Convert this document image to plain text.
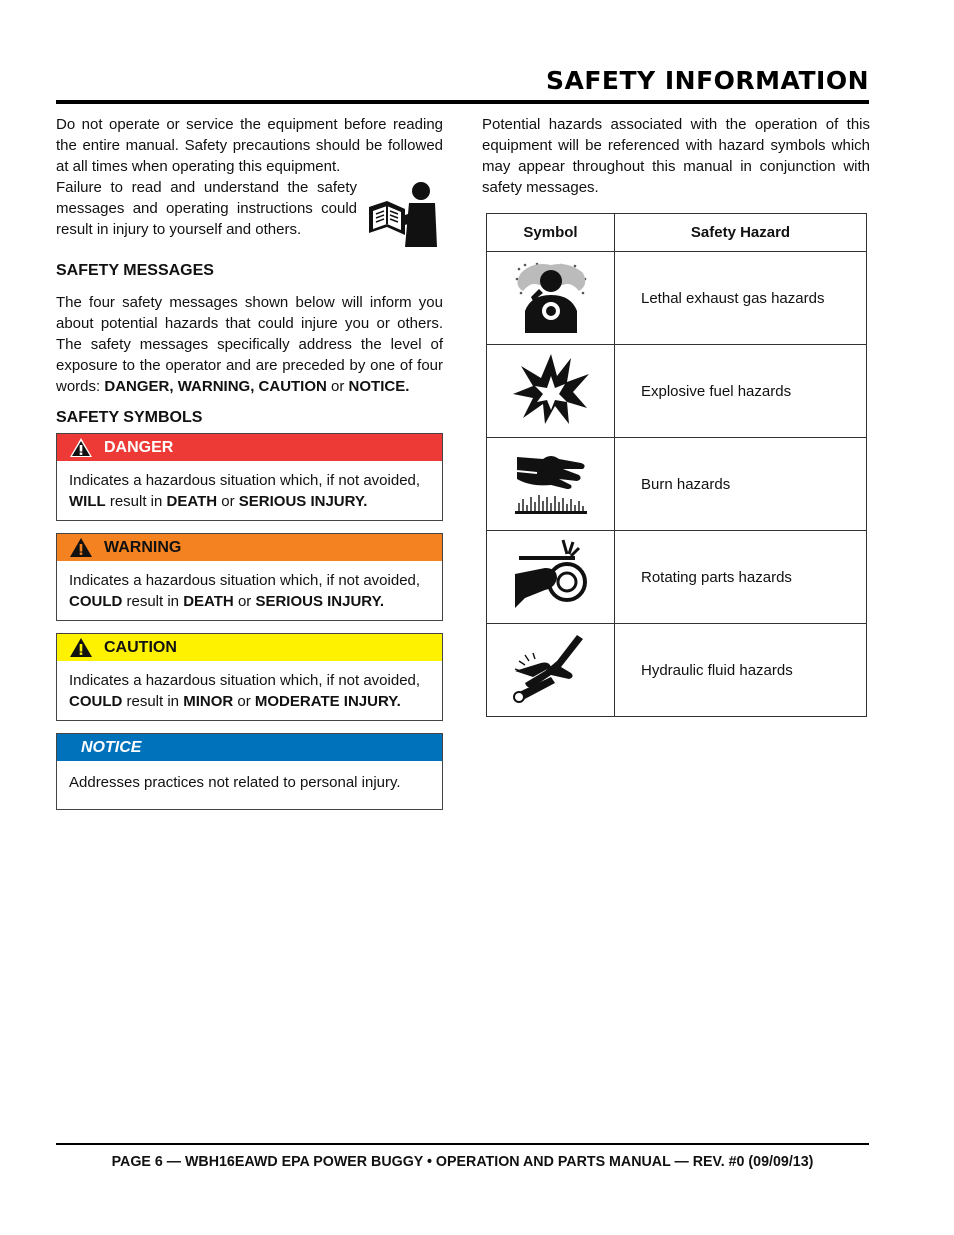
SAFETY INFORMATION

Do not operate or service the equipment before reading the entire manual. Safety precautions should be followed at all times when operating this equipment.

Failure to read and understand the safety messages and operating instructions could result in injury to yourself and others.

SAFETY MESSAGES

The four safety messages shown below will inform you about potential hazards that could injure you or others. The safety messages specifically address the level of exposure to the operator and are preceded by one of four words: DANGER, WARNING, CAUTION or NOTICE.

SAFETY SYMBOLS
DANGER
Indicates a hazardous situation which, if not avoided, WILL result in DEATH or SERIOUS INJURY.
WARNING
Indicates a hazardous situation which, if not avoided, COULD result in DEATH or SERIOUS INJURY.
CAUTION
Indicates a hazardous situation which, if not avoided, COULD result in MINOR or MODERATE INJURY.
NOTICE
Addresses practices not related to personal injury.

Potential hazards associated with the operation of this equipment will be referenced with hazard symbols which may appear throughout this manual in conjunction with safety messages.

Symbol	Safety Hazard
	Lethal exhaust gas hazards
	Explosive fuel hazards
	Burn hazards
	Rotating parts hazards
	Hydraulic fluid hazards
PAGE 6 — WBH16EAWD EPA POWER BUGGY • OPERATION AND PARTS MANUAL — REV. #0 (09/09/13)
